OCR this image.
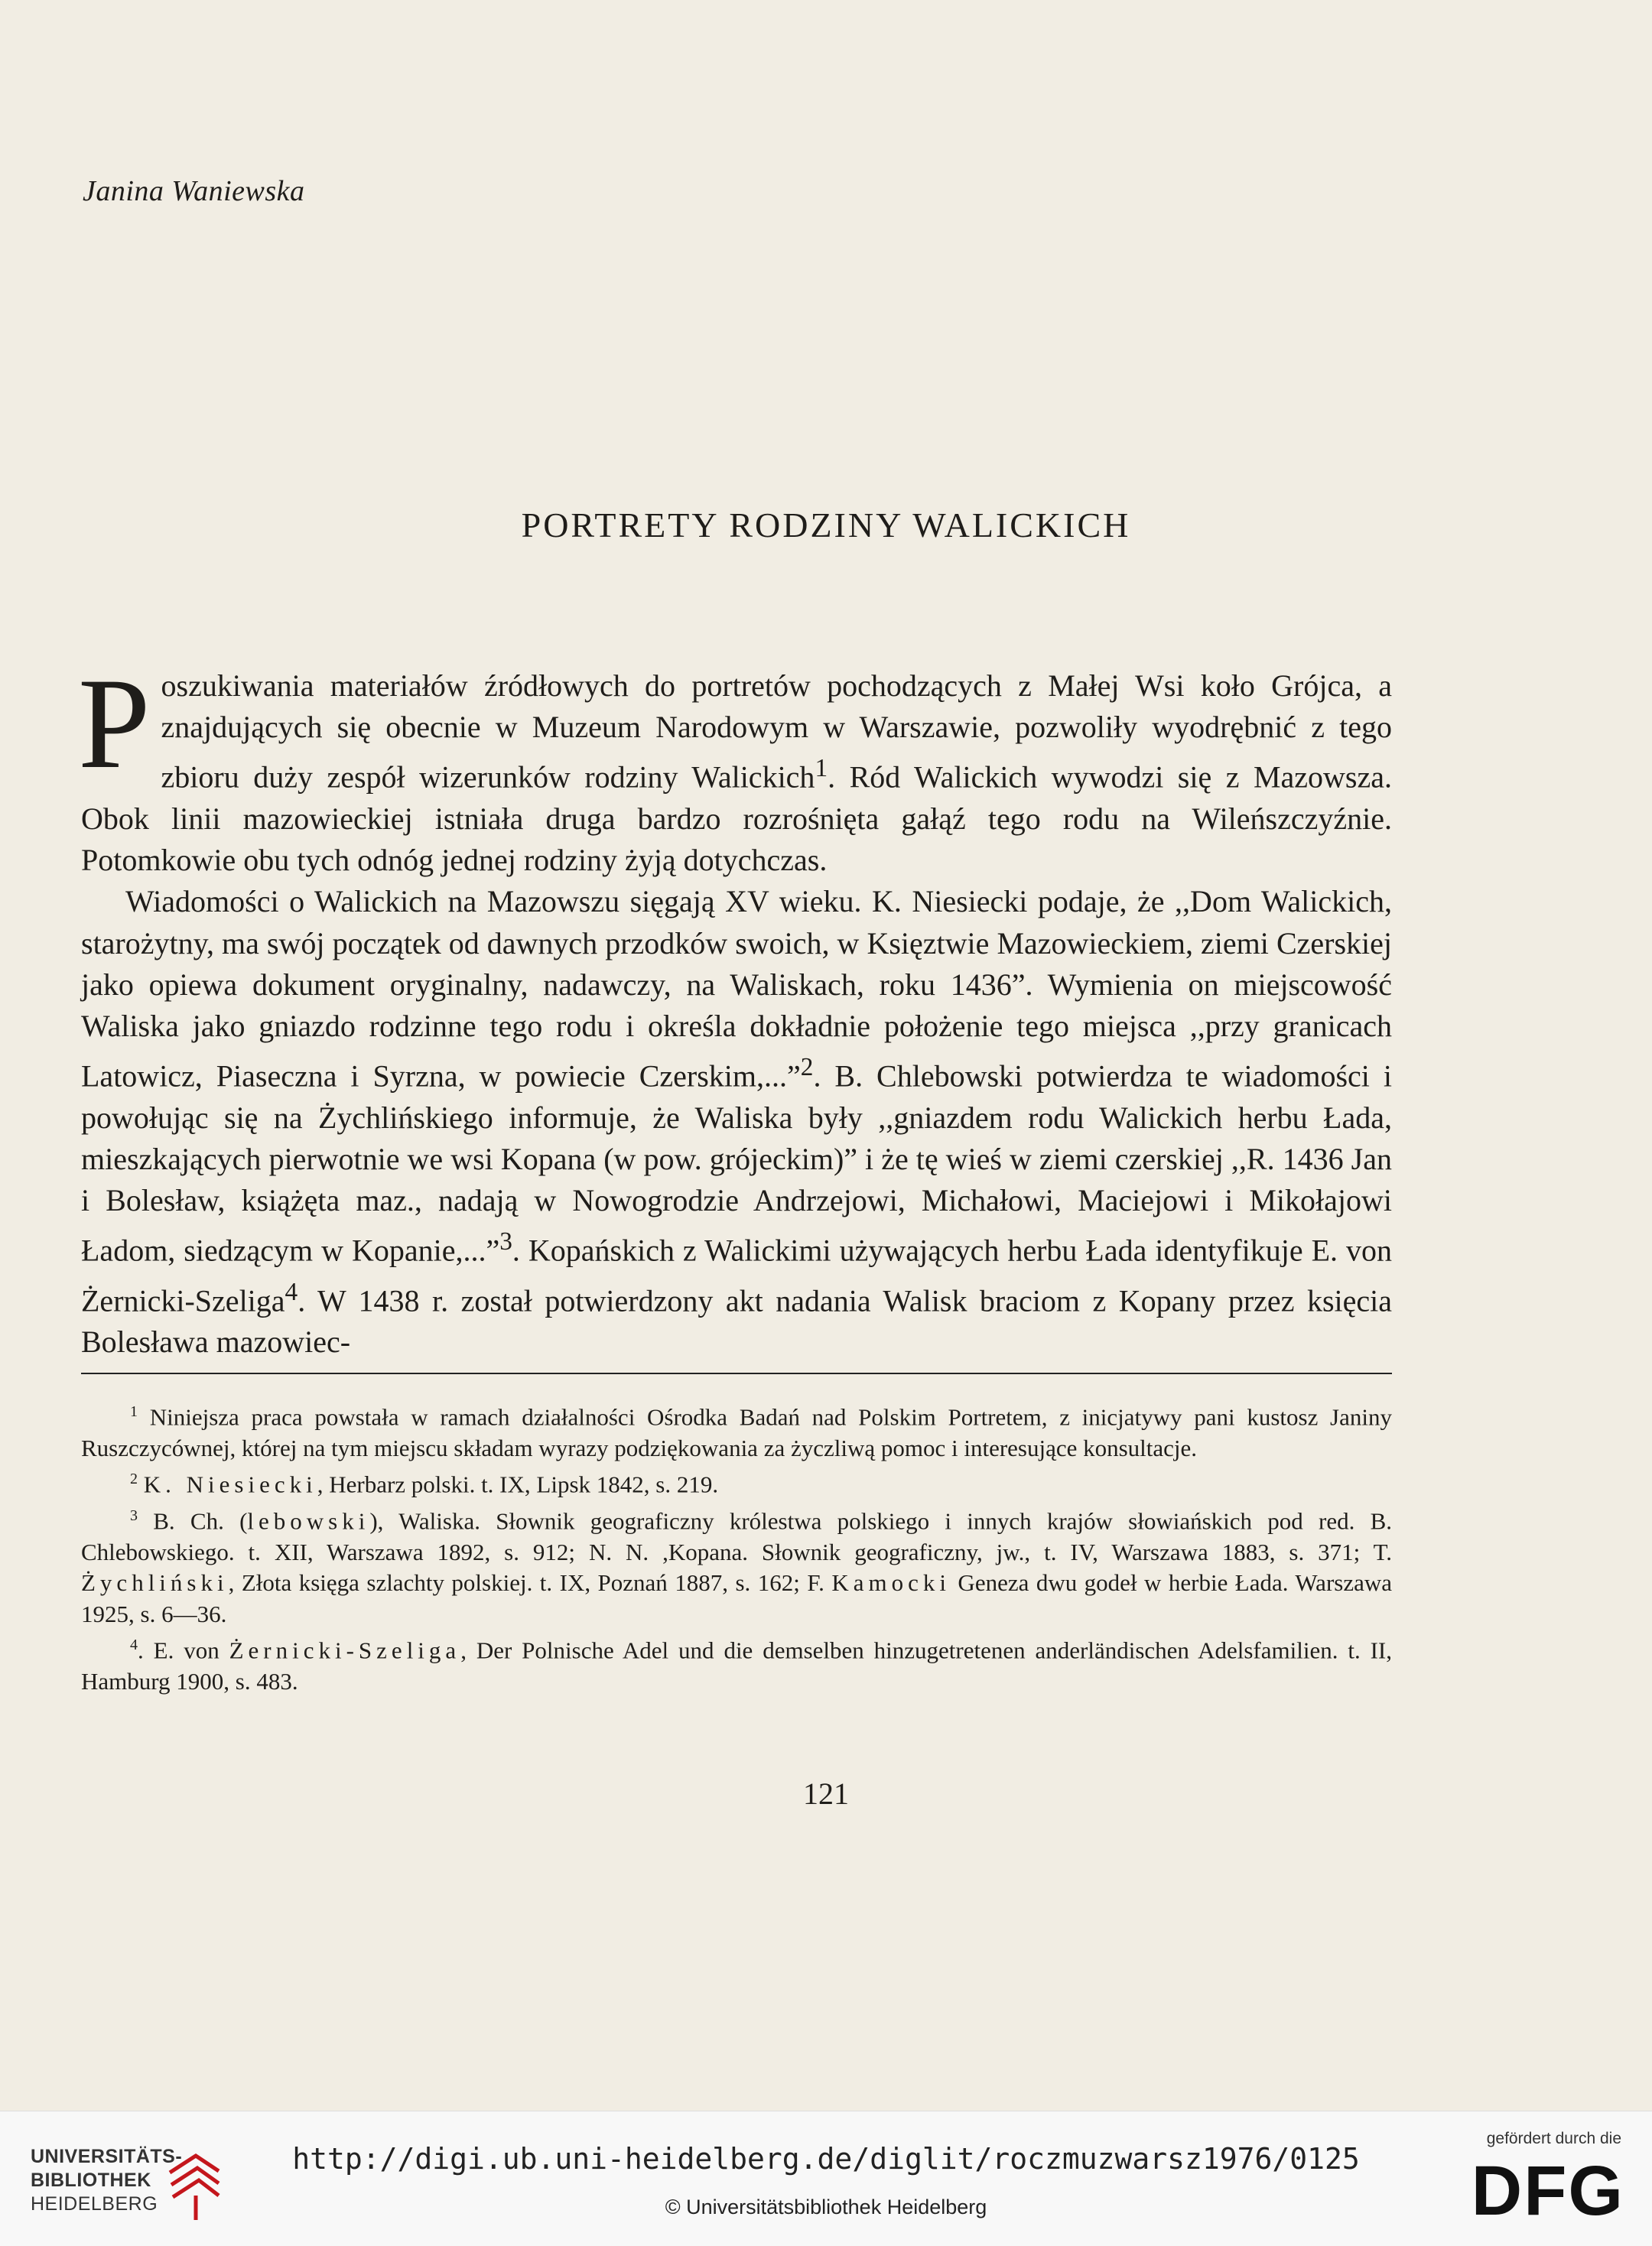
Janina Waniewska
PORTRETY RODZINY WALICKICH

P oszukiwania materiałów źródłowych do portretów pochodzących z Małej Wsi koło Grójca, a znajdujących się obecnie w Muzeum Narodowym w Warszawie, pozwoliły wyodrębnić z tego zbioru duży zespół wizerunków rodziny Walickich$^1$. Ród Walickich wywodzi się z Mazowsza. Obok linii mazowieckiej istniała druga bardzo rozrośnięta gałąź tego rodu na Wileńszczyźnie. Potomkowie obu tych odnóg jednej rodziny żyją dotychczas.

Wiadomości o Walickich na Mazowszu sięgają XV wieku. K. Niesiecki podaje, że ,,Dom Walickich, starożytny, ma swój początek od dawnych przodków swoich, w Księztwie Mazowieckiem, ziemi Czerskiej jako opiewa dokument oryginalny, nadawczy, na Waliskach, roku 1436”. Wymienia on miejscowość Waliska jako gniazdo rodzinne tego rodu i określa dokładnie położenie tego miejsca ,,przy granicach Latowicz, Piaseczna i Syrzna, w powiecie Czerskim,...”$^2$. B. Chlebowski potwierdza te wiadomości i powołując się na Żychlińskiego informuje, że Waliska były ,,gniazdem rodu Walickich herbu Łada, mieszkających pierwotnie we wsi Kopana (w pow. grójeckim)” i że tę wieś w ziemi czerskiej ,,R. 1436 Jan i Bolesław, książęta maz., nadają w Nowogrodzie Andrzejowi, Michałowi, Maciejowi i Mikołajowi Ładom, siedzącym w Kopanie,...”$^3$. Kopańskich z Walickimi używających herbu Łada identyfikuje E. von Żernicki-Szeliga$^4$. W 1438 r. został potwierdzony akt nadania Walisk braciom z Kopany przez księcia Bolesława mazowiec-

$^1$ Niniejsza praca powstała w ramach działalności Ośrodka Badań nad Polskim Portretem, z inicjatywy pani kustosz Janiny Ruszczycównej, której na tym miejscu składam wyrazy podziękowania za życzliwą pomoc i interesujące konsultacje.

$^2$ K. Niesiecki, Herbarz polski. t. IX, Lipsk 1842, s. 219.

$^3$ B. Ch. (lebowski), Waliska. Słownik geograficzny królestwa polskiego i innych krajów słowiańskich pod red. B. Chlebowskiego. t. XII, Warszawa 1892, s. 912; N. N. ,Kopana. Słownik geograficzny, jw., t. IV, Warszawa 1883, s. 371; T. Żychliński, Złota księga szlachty polskiej. t. IX, Poznań 1887, s. 162; F. Kamocki Geneza dwu godeł w herbie Łada. Warszawa 1925, s. 6—36.

$^4$. E. von Żernicki-Szeliga, Der Polnische Adel und die demselben hinzugetretenen anderländischen Adelsfamilien. t. II, Hamburg 1900, s. 483.

121
UNIVERSITÄTS-
BIBLIOTHEK
HEIDELBERG
http://digi.ub.uni-heidelberg.de/diglit/roczmuzwarsz1976/0125
© Universitätsbibliothek Heidelberg
gefördert durch die
DFG
